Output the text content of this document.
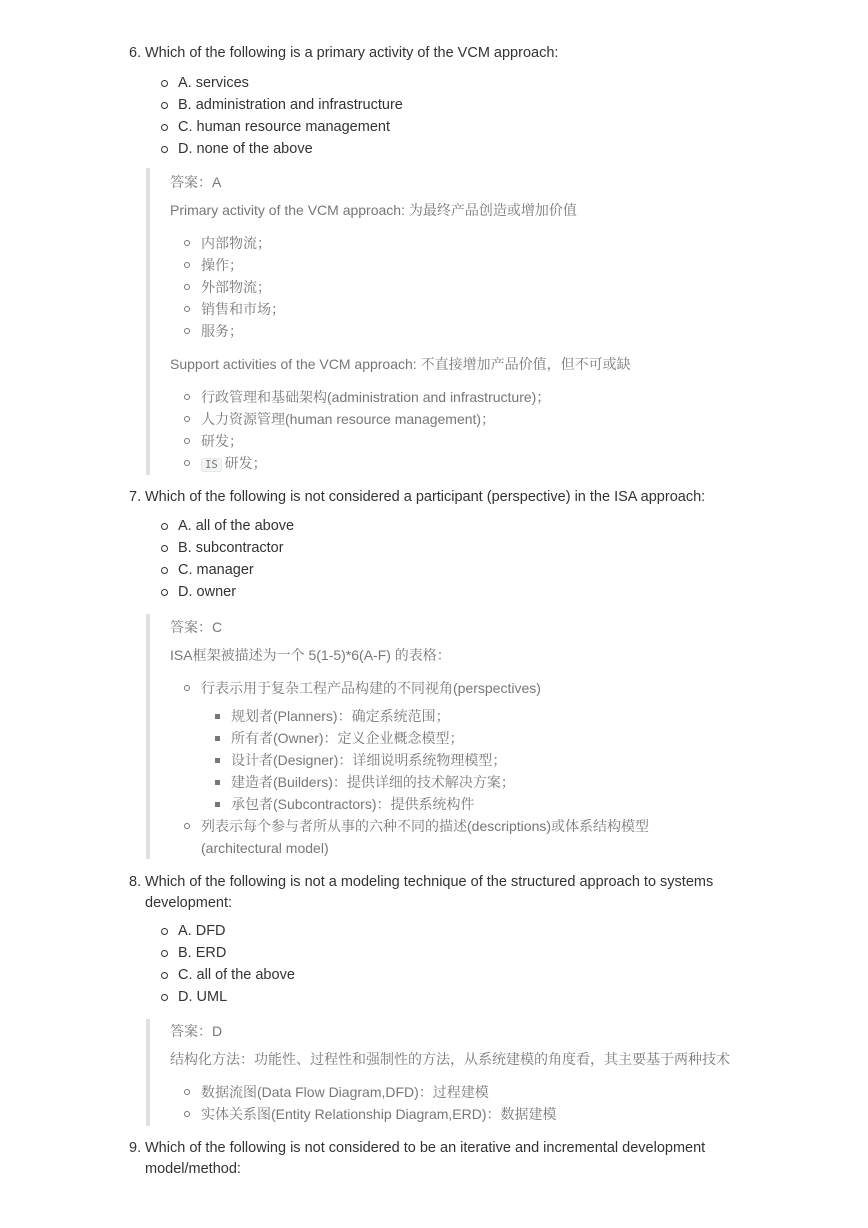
6. Which of the following is a primary activity of the VCM approach:
A. services
B. administration and infrastructure
C. human resource management
D. none of the above
答案：A
Primary activity of the VCM approach: 为最终产品创造或增加价值
内部物流；
操作；
外部物流；
销售和市场；
服务；
Support activities of the VCM approach: 不直接增加产品价值，但不可或缺
行政管理和基础架构(administration and infrastructure)；
人力资源管理(human resource management)；
研发；
IS 研发；
7. Which of the following is not considered a participant (perspective) in the ISA approach:
A. all of the above
B. subcontractor
C. manager
D. owner
答案：C
ISA框架被描述为一个 5(1-5)*6(A-F) 的表格：
行表示用于复杂工程产品构建的不同视角(perspectives)
规划者(Planners)：确定系统范围；
所有者(Owner)：定义企业概念模型；
设计者(Designer)：详细说明系统物理模型；
建造者(Builders)：提供详细的技术解决方案；
承包者(Subcontractors)：提供系统构件
列表示每个参与者所从事的六种不同的描述(descriptions)或体系结构模型
(architectural model)
8. Which of the following is not a modeling technique of the structured approach to systems
development:
A. DFD
B. ERD
C. all of the above
D. UML
答案：D
结构化方法：功能性、过程性和强制性的方法，从系统建模的角度看，其主要基于两种技术
数据流图(Data Flow Diagram,DFD)：过程建模
实体关系图(Entity Relationship Diagram,ERD)：数据建模
9. Which of the following is not considered to be an iterative and incremental development
model/method:
